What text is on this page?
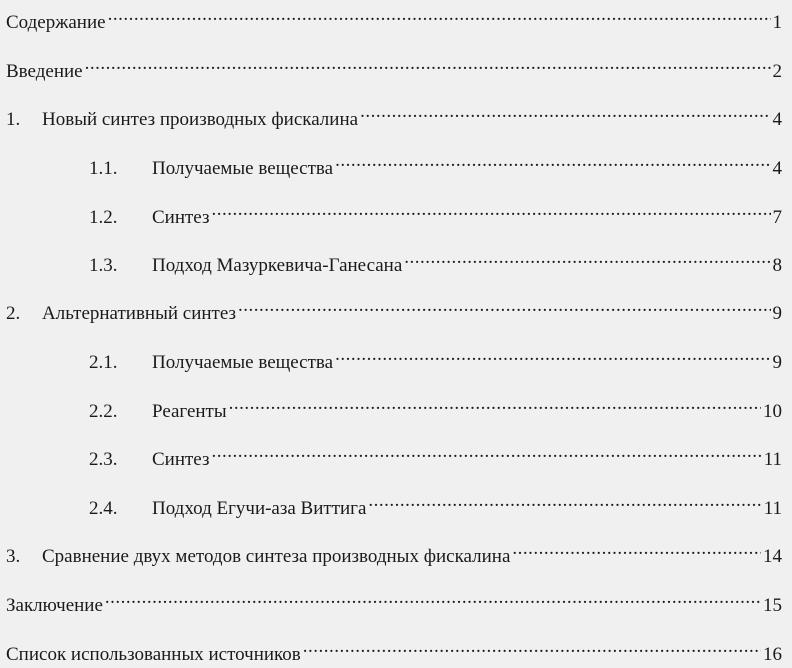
Содержание .....	1
Введение .....	2
1.	Новый синтез производных фискалина .....	4
1.1.	Получаемые вещества .....	4
1.2.	Синтез .....	7
1.3.	Подход Мазуркевича-Ганесана .....	8
2.	Альтернативный синтез .....	9
2.1.	Получаемые вещества .....	9
2.2.	Реагенты .....	10
2.3.	Синтез .....	11
2.4.	Подход Егучи-аза Виттига .....	11
3.	Сравнение двух методов синтеза производных фискалина .....	14
Заключение .....	15
Список использованных источников .....	16
